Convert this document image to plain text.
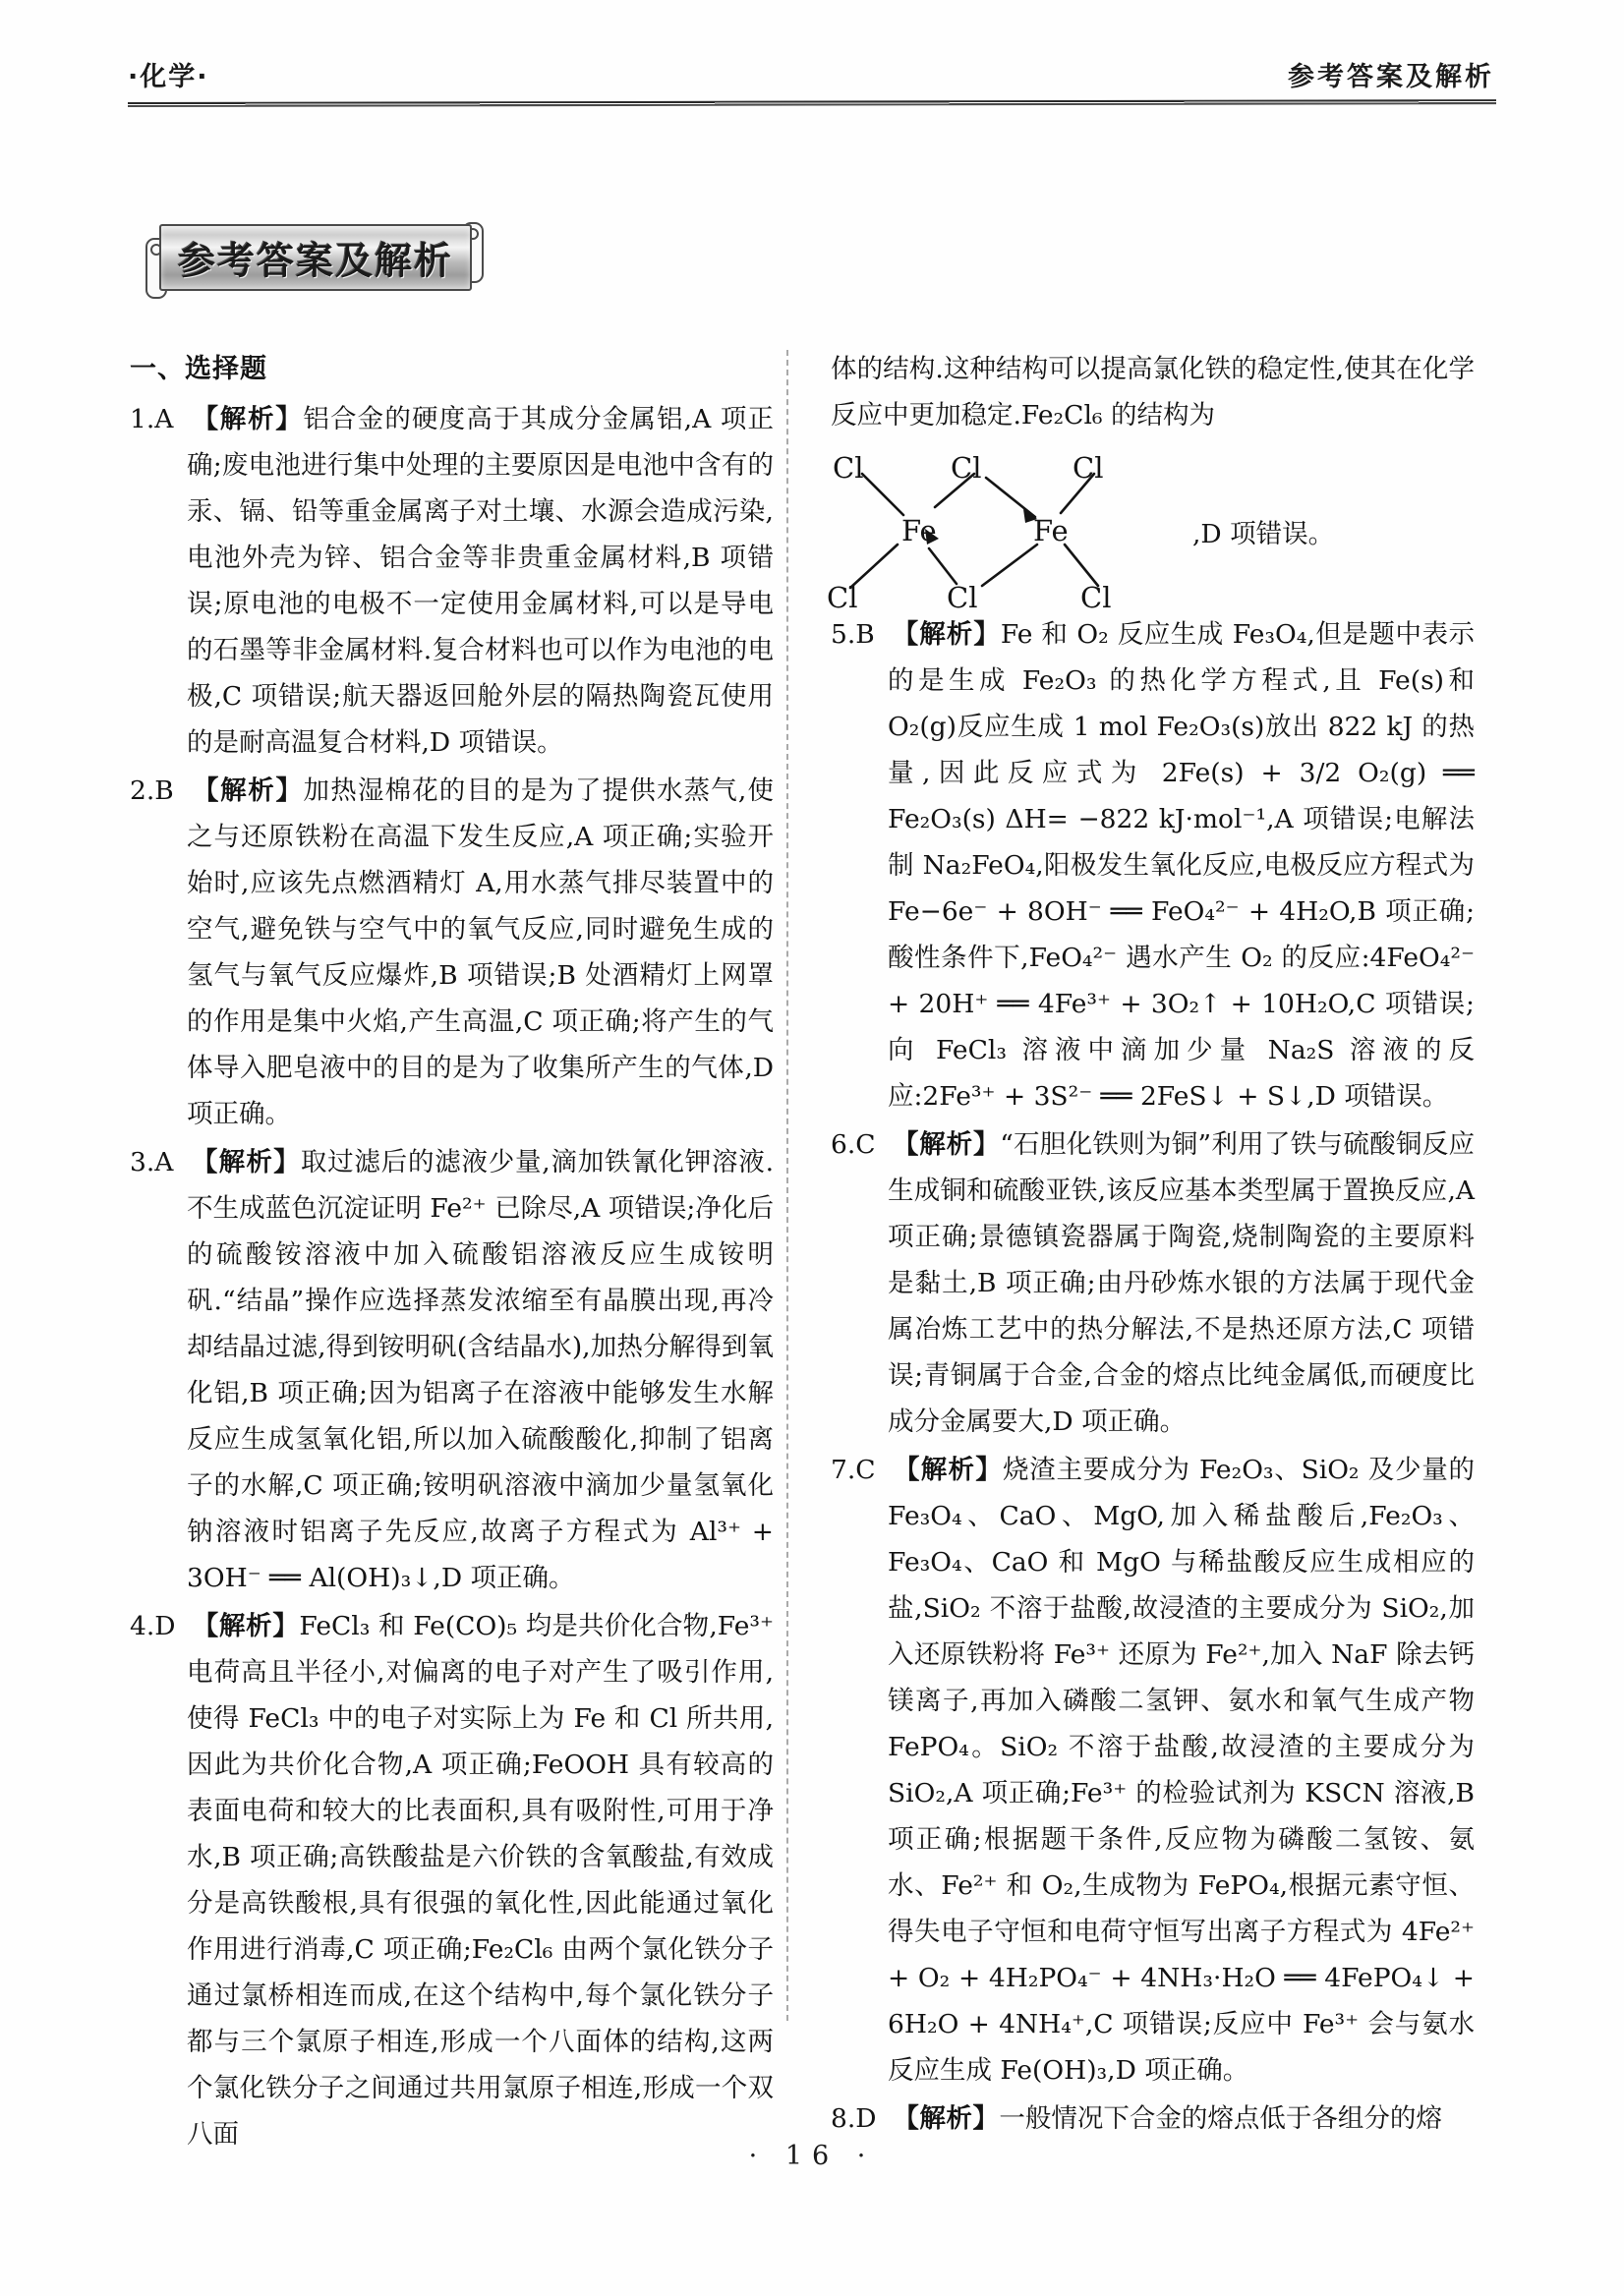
·化学·	参考答案及解析
参考答案及解析
一、选择题

1.A 【解析】铝合金的硬度高于其成分金属铝,A 项正确;废电池进行集中处理的主要原因是电池中含有的汞、镉、铅等重金属离子对土壤、水源会造成污染,电池外壳为锌、铝合金等非贵重金属材料,B 项错误;原电池的电极不一定使用金属材料,可以是导电的石墨等非金属材料.复合材料也可以作为电池的电极,C 项错误;航天器返回舱外层的隔热陶瓷瓦使用的是耐高温复合材料,D 项错误。

2.B 【解析】加热湿棉花的目的是为了提供水蒸气,使之与还原铁粉在高温下发生反应,A 项正确;实验开始时,应该先点燃酒精灯 A,用水蒸气排尽装置中的空气,避免铁与空气中的氧气反应,同时避免生成的氢气与氧气反应爆炸,B 项错误;B 处酒精灯上网罩的作用是集中火焰,产生高温,C 项正确;将产生的气体导入肥皂液中的目的是为了收集所产生的气体,D 项正确。

3.A 【解析】取过滤后的滤液少量,滴加铁氰化钾溶液.不生成蓝色沉淀证明 Fe²⁺ 已除尽,A 项错误;净化后的硫酸铵溶液中加入硫酸铝溶液反应生成铵明矾.“结晶”操作应选择蒸发浓缩至有晶膜出现,再冷却结晶过滤,得到铵明矾(含结晶水),加热分解得到氧化铝,B 项正确;因为铝离子在溶液中能够发生水解反应生成氢氧化铝,所以加入硫酸酸化,抑制了铝离子的水解,C 项正确;铵明矾溶液中滴加少量氢氧化钠溶液时铝离子先反应,故离子方程式为 Al³⁺ + 3OH⁻ ══ Al(OH)₃↓,D 项正确。

4.D 【解析】FeCl₃ 和 Fe(CO)₅ 均是共价化合物,Fe³⁺ 电荷高且半径小,对偏离的电子对产生了吸引作用,使得 FeCl₃ 中的电子对实际上为 Fe 和 Cl 所共用,因此为共价化合物,A 项正确;FeOOH 具有较高的表面电荷和较大的比表面积,具有吸附性,可用于净水,B 项正确;高铁酸盐是六价铁的含氧酸盐,有效成分是高铁酸根,具有很强的氧化性,因此能通过氧化作用进行消毒,C 项正确;Fe₂Cl₆ 由两个氯化铁分子通过氯桥相连而成,在这个结构中,每个氯化铁分子都与三个氯原子相连,形成一个八面体的结构,这两个氯化铁分子之间通过共用氯原子相连,形成一个双八面

体的结构.这种结构可以提高氯化铁的稳定性,使其在化学反应中更加稳定.Fe₂Cl₆ 的结构为

Cl	Cl	Cl
Fe	Fe
Cl	Cl	Cl
,D 项错误。

5.B 【解析】Fe 和 O₂ 反应生成 Fe₃O₄,但是题中表示的是生成 Fe₂O₃ 的热化学方程式,且 Fe(s)和 O₂(g)反应生成 1 mol Fe₂O₃(s)放出 822 kJ 的热量,因此反应式为 2Fe(s) + 3/2 O₂(g) ══ Fe₂O₃(s) ΔH= −822 kJ·mol⁻¹,A 项错误;电解法制 Na₂FeO₄,阳极发生氧化反应,电极反应方程式为 Fe−6e⁻ + 8OH⁻ ══ FeO₄²⁻ + 4H₂O,B 项正确;酸性条件下,FeO₄²⁻ 遇水产生 O₂ 的反应:4FeO₄²⁻ + 20H⁺ ══ 4Fe³⁺ + 3O₂↑ + 10H₂O,C 项错误;向 FeCl₃ 溶液中滴加少量 Na₂S 溶液的反应:2Fe³⁺ + 3S²⁻ ══ 2FeS↓ + S↓,D 项错误。

6.C 【解析】“石胆化铁则为铜”利用了铁与硫酸铜反应生成铜和硫酸亚铁,该反应基本类型属于置换反应,A 项正确;景德镇瓷器属于陶瓷,烧制陶瓷的主要原料是黏土,B 项正确;由丹砂炼水银的方法属于现代金属冶炼工艺中的热分解法,不是热还原方法,C 项错误;青铜属于合金,合金的熔点比纯金属低,而硬度比成分金属要大,D 项正确。

7.C 【解析】烧渣主要成分为 Fe₂O₃、SiO₂ 及少量的 Fe₃O₄、CaO、MgO,加入稀盐酸后,Fe₂O₃、Fe₃O₄、CaO 和 MgO 与稀盐酸反应生成相应的盐,SiO₂ 不溶于盐酸,故浸渣的主要成分为 SiO₂,加入还原铁粉将 Fe³⁺ 还原为 Fe²⁺,加入 NaF 除去钙镁离子,再加入磷酸二氢钾、氨水和氧气生成产物 FePO₄。SiO₂ 不溶于盐酸,故浸渣的主要成分为 SiO₂,A 项正确;Fe³⁺ 的检验试剂为 KSCN 溶液,B 项正确;根据题干条件,反应物为磷酸二氢铵、氨水、Fe²⁺ 和 O₂,生成物为 FePO₄,根据元素守恒、得失电子守恒和电荷守恒写出离子方程式为 4Fe²⁺ + O₂ + 4H₂PO₄⁻ + 4NH₃·H₂O ══ 4FePO₄↓ + 6H₂O + 4NH₄⁺,C 项错误;反应中 Fe³⁺ 会与氨水反应生成 Fe(OH)₃,D 项正确。

8.D 【解析】一般情况下合金的熔点低于各组分的熔

· 16 ·
